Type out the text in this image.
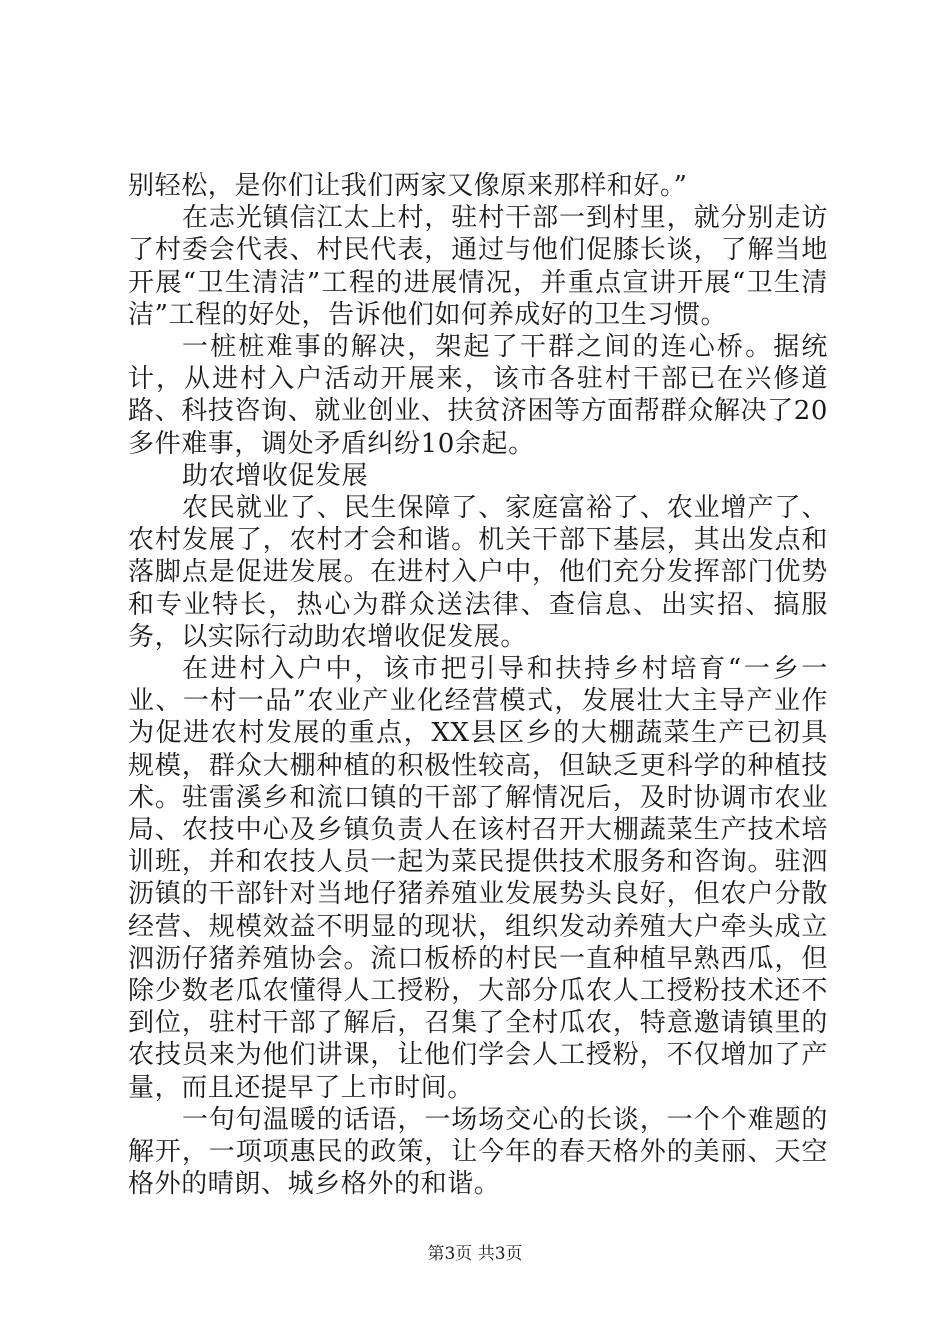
别轻松，是你们让我们两家又像原来那样和好。”

在志光镇信江太上村，驻村干部一到村里，就分别走访了村委会代表、村民代表，通过与他们促膝长谈，了解当地开展“卫生清洁”工程的进展情况，并重点宣讲开展“卫生清洁”工程的好处，告诉他们如何养成好的卫生习惯。

一桩桩难事的解决，架起了干群之间的连心桥。据统计，从进村入户活动开展来，该市各驻村干部已在兴修道路、科技咨询、就业创业、扶贫济困等方面帮群众解决了20多件难事，调处矛盾纠纷10余起。

助农增收促发展

农民就业了、民生保障了、家庭富裕了、农业增产了、农村发展了，农村才会和谐。机关干部下基层，其出发点和落脚点是促进发展。在进村入户中，他们充分发挥部门优势和专业特长，热心为群众送法律、查信息、出实招、搞服务，以实际行动助农增收促发展。

在进村入户中，该市把引导和扶持乡村培育“一乡一业、一村一品”农业产业化经营模式，发展壮大主导产业作为促进农村发展的重点，XX县区乡的大棚蔬菜生产已初具规模，群众大棚种植的积极性较高，但缺乏更科学的种植技术。驻雷溪乡和流口镇的干部了解情况后，及时协调市农业局、农技中心及乡镇负责人在该村召开大棚蔬菜生产技术培训班，并和农技人员一起为菜民提供技术服务和咨询。驻泗沥镇的干部针对当地仔猪养殖业发展势头良好，但农户分散经营、规模效益不明显的现状，组织发动养殖大户牵头成立泗沥仔猪养殖协会。流口板桥的村民一直种植早熟西瓜，但除少数老瓜农懂得人工授粉，大部分瓜农人工授粉技术还不到位，驻村干部了解后，召集了全村瓜农，特意邀请镇里的农技员来为他们讲课，让他们学会人工授粉，不仅增加了产量，而且还提早了上市时间。

一句句温暖的话语，一场场交心的长谈，一个个难题的解开，一项项惠民的政策，让今年的春天格外的美丽、天空格外的晴朗、城乡格外的和谐。

第3页 共3页
